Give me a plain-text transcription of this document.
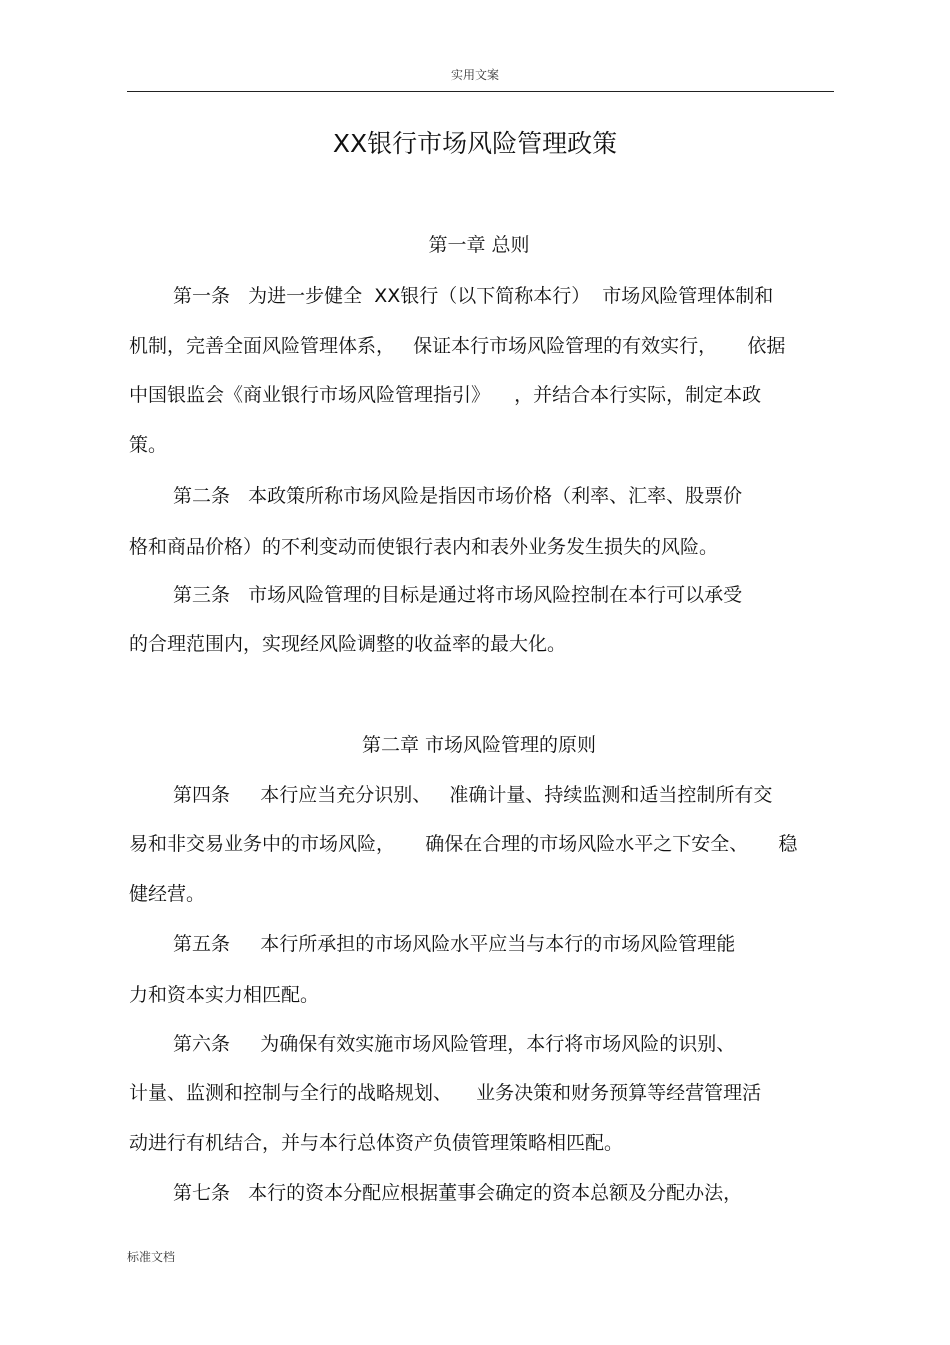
实用文案
XX银行市场风险管理政策
第一章 总则
第一条   为进一步健全  XX银行（以下简称本行）  市场风险管理体制和
机制，完善全面风险管理体系，   保证本行市场风险管理的有效实行，     依据
中国银监会《商业银行市场风险管理指引》    ，并结合本行实际，制定本政
策。
第二条   本政策所称市场风险是指因市场价格（利率、汇率、股票价
格和商品价格）的不利变动而使银行表内和表外业务发生损失的风险。
第三条   市场风险管理的目标是通过将市场风险控制在本行可以承受
的合理范围内，实现经风险调整的收益率的最大化。
第二章 市场风险管理的原则
第四条     本行应当充分识别、   准确计量、持续监测和适当控制所有交
易和非交易业务中的市场风险，     确保在合理的市场风险水平之下安全、     稳
健经营。
第五条     本行所承担的市场风险水平应当与本行的市场风险管理能
力和资本实力相匹配。
第六条     为确保有效实施市场风险管理，本行将市场风险的识别、
计量、监测和控制与全行的战略规划、    业务决策和财务预算等经营管理活
动进行有机结合，并与本行总体资产负债管理策略相匹配。
第七条   本行的资本分配应根据董事会确定的资本总额及分配办法，
标准文档
